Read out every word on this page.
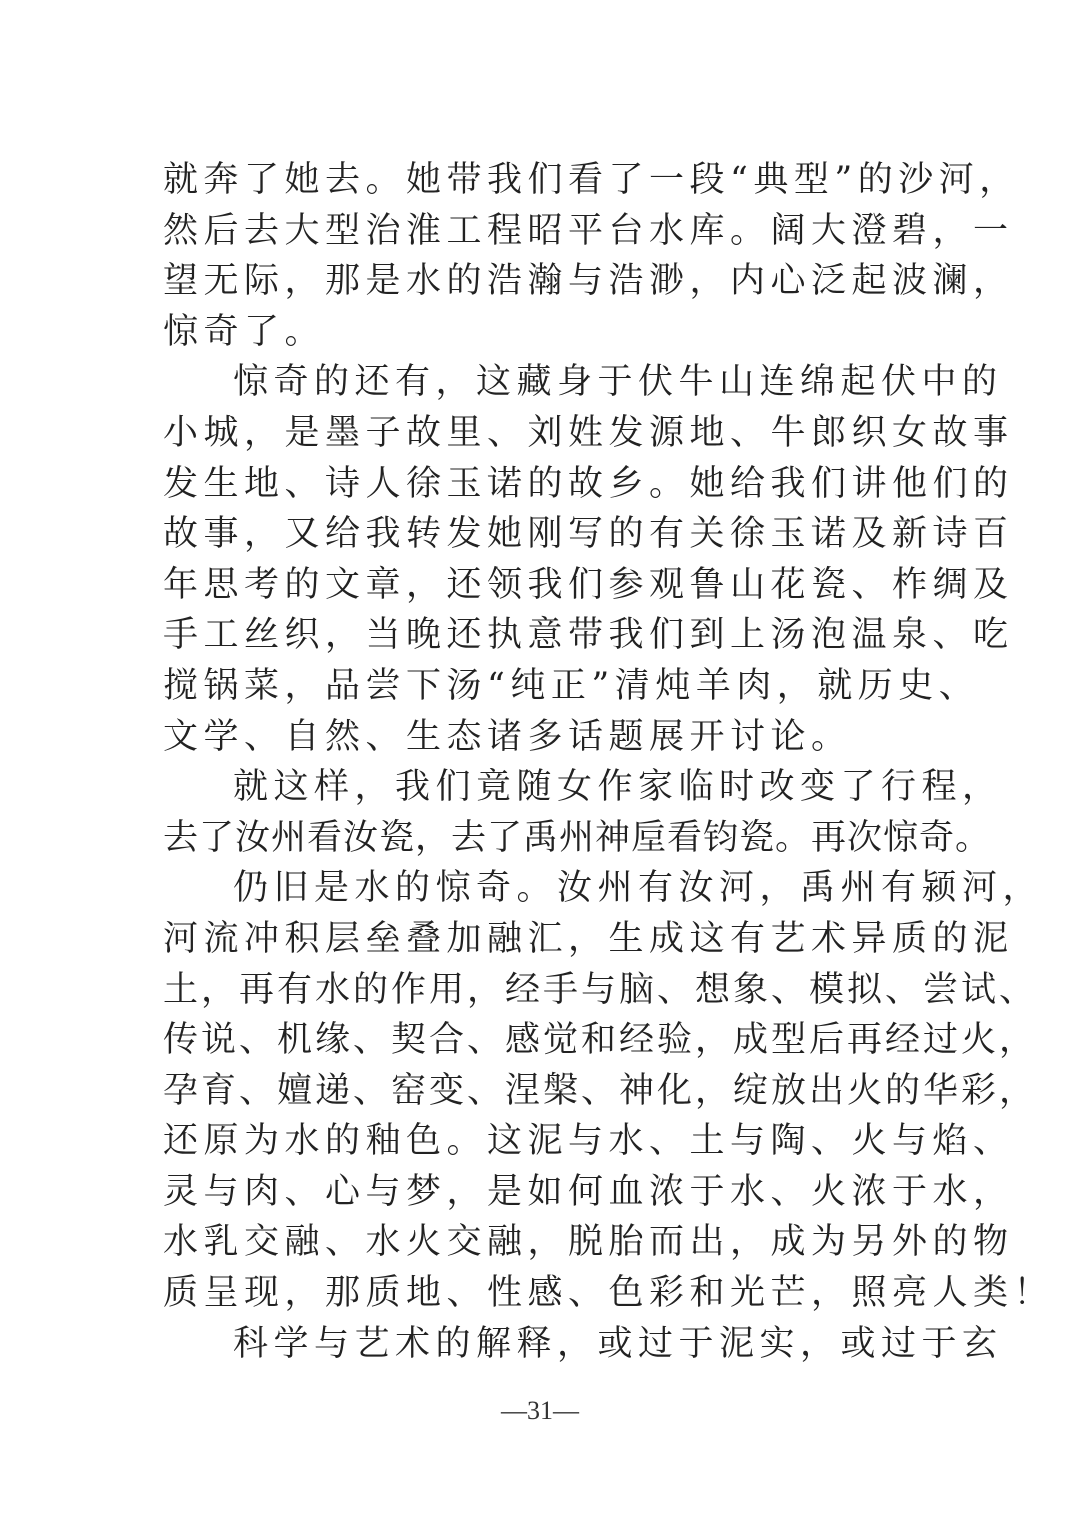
就奔了她去。她带我们看了一段“典型”的沙河，
然后去大型治淮工程昭平台水库。阔大澄碧，一
望无际，那是水的浩瀚与浩渺，内心泛起波澜，
惊奇了。
惊奇的还有，这藏身于伏牛山连绵起伏中的
小城，是墨子故里、刘姓发源地、牛郎织女故事
发生地、诗人徐玉诺的故乡。她给我们讲他们的
故事，又给我转发她刚写的有关徐玉诺及新诗百
年思考的文章，还领我们参观鲁山花瓷、柞绸及
手工丝织，当晚还执意带我们到上汤泡温泉、吃
搅锅菜，品尝下汤“纯正”清炖羊肉，就历史、
文学、自然、生态诸多话题展开讨论。
就这样，我们竟随女作家临时改变了行程，
去了汝州看汝瓷，去了禹州神垕看钧瓷。再次惊奇。
仍旧是水的惊奇。汝州有汝河，禹州有颍河，
河流冲积层垒叠加融汇，生成这有艺术异质的泥
土，再有水的作用，经手与脑、想象、模拟、尝试、
传说、机缘、契合、感觉和经验，成型后再经过火，
孕育、嬗递、窑变、涅槃、神化，绽放出火的华彩，
还原为水的釉色。这泥与水、土与陶、火与焰、
灵与肉、心与梦，是如何血浓于水、火浓于水，
水乳交融、水火交融，脱胎而出，成为另外的物
质呈现，那质地、性感、色彩和光芒，照亮人类！
科学与艺术的解释，或过于泥实，或过于玄
—31—
